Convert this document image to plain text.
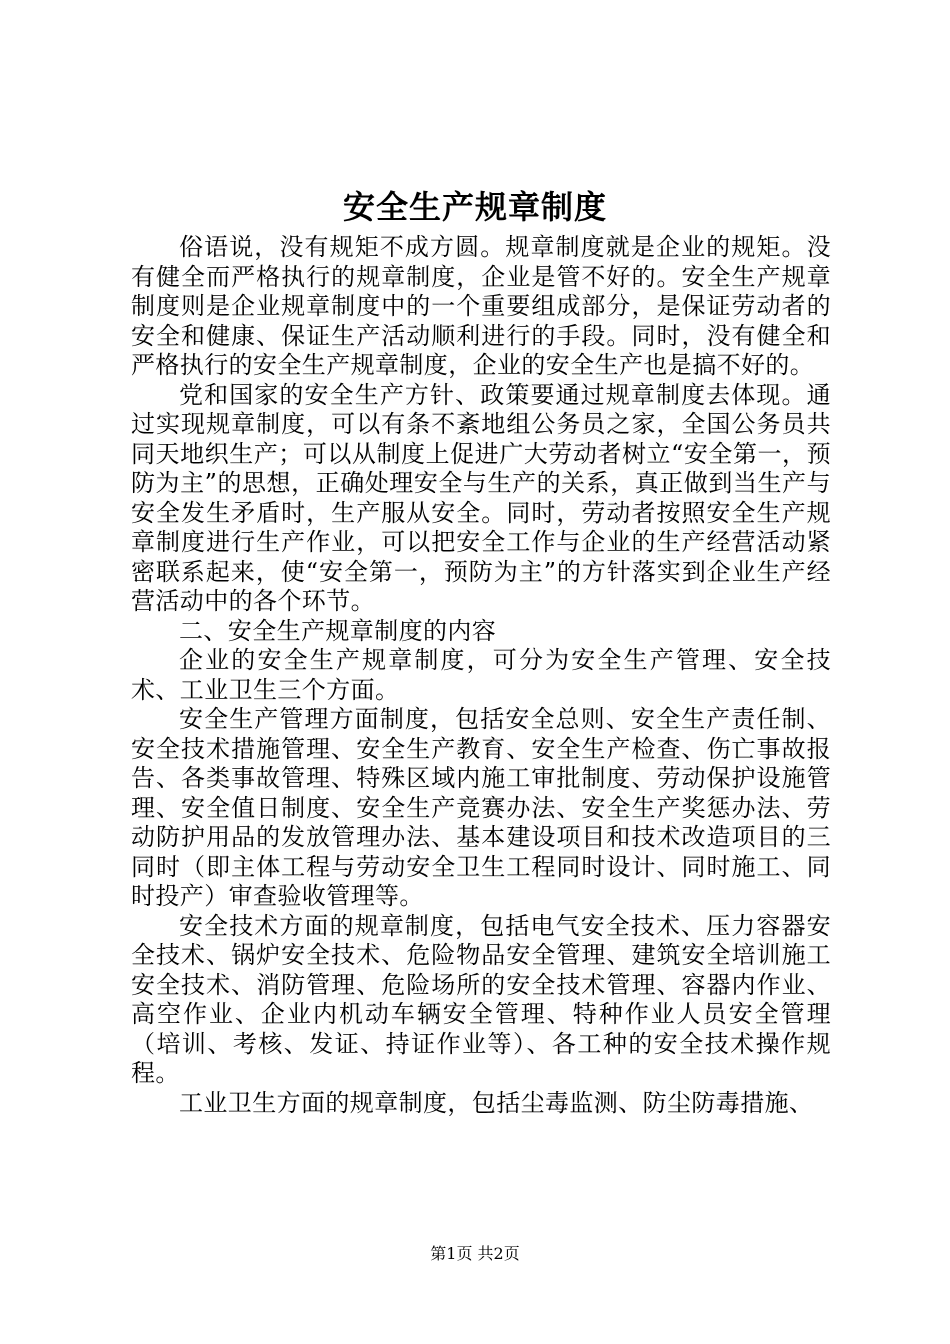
安全生产规章制度

俗语说，没有规矩不成方圆。规章制度就是企业的规矩。没有健全而严格执行的规章制度，企业是管不好的。安全生产规章制度则是企业规章制度中的一个重要组成部分，是保证劳动者的安全和健康、保证生产活动顺利进行的手段。同时，没有健全和严格执行的安全生产规章制度，企业的安全生产也是搞不好的。

党和国家的安全生产方针、政策要通过规章制度去体现。通过实现规章制度，可以有条不紊地组公务员之家，全国公务员共同天地织生产；可以从制度上促进广大劳动者树立“安全第一，预防为主”的思想，正确处理安全与生产的关系，真正做到当生产与安全发生矛盾时，生产服从安全。同时，劳动者按照安全生产规章制度进行生产作业，可以把安全工作与企业的生产经营活动紧密联系起来，使“安全第一，预防为主”的方针落实到企业生产经营活动中的各个环节。

二、安全生产规章制度的内容

企业的安全生产规章制度，可分为安全生产管理、安全技术、工业卫生三个方面。

安全生产管理方面制度，包括安全总则、安全生产责任制、安全技术措施管理、安全生产教育、安全生产检查、伤亡事故报告、各类事故管理、特殊区域内施工审批制度、劳动保护设施管理、安全值日制度、安全生产竞赛办法、安全生产奖惩办法、劳动防护用品的发放管理办法、基本建设项目和技术改造项目的三同时（即主体工程与劳动安全卫生工程同时设计、同时施工、同时投产）审查验收管理等。

安全技术方面的规章制度，包括电气安全技术、压力容器安全技术、锅炉安全技术、危险物品安全管理、建筑安全培训施工安全技术、消防管理、危险场所的安全技术管理、容器内作业、高空作业、企业内机动车辆安全管理、特种作业人员安全管理（培训、考核、发证、持证作业等）、各工种的安全技术操作规程。

工业卫生方面的规章制度，包括尘毒监测、防尘防毒措施、

第1页 共2页
